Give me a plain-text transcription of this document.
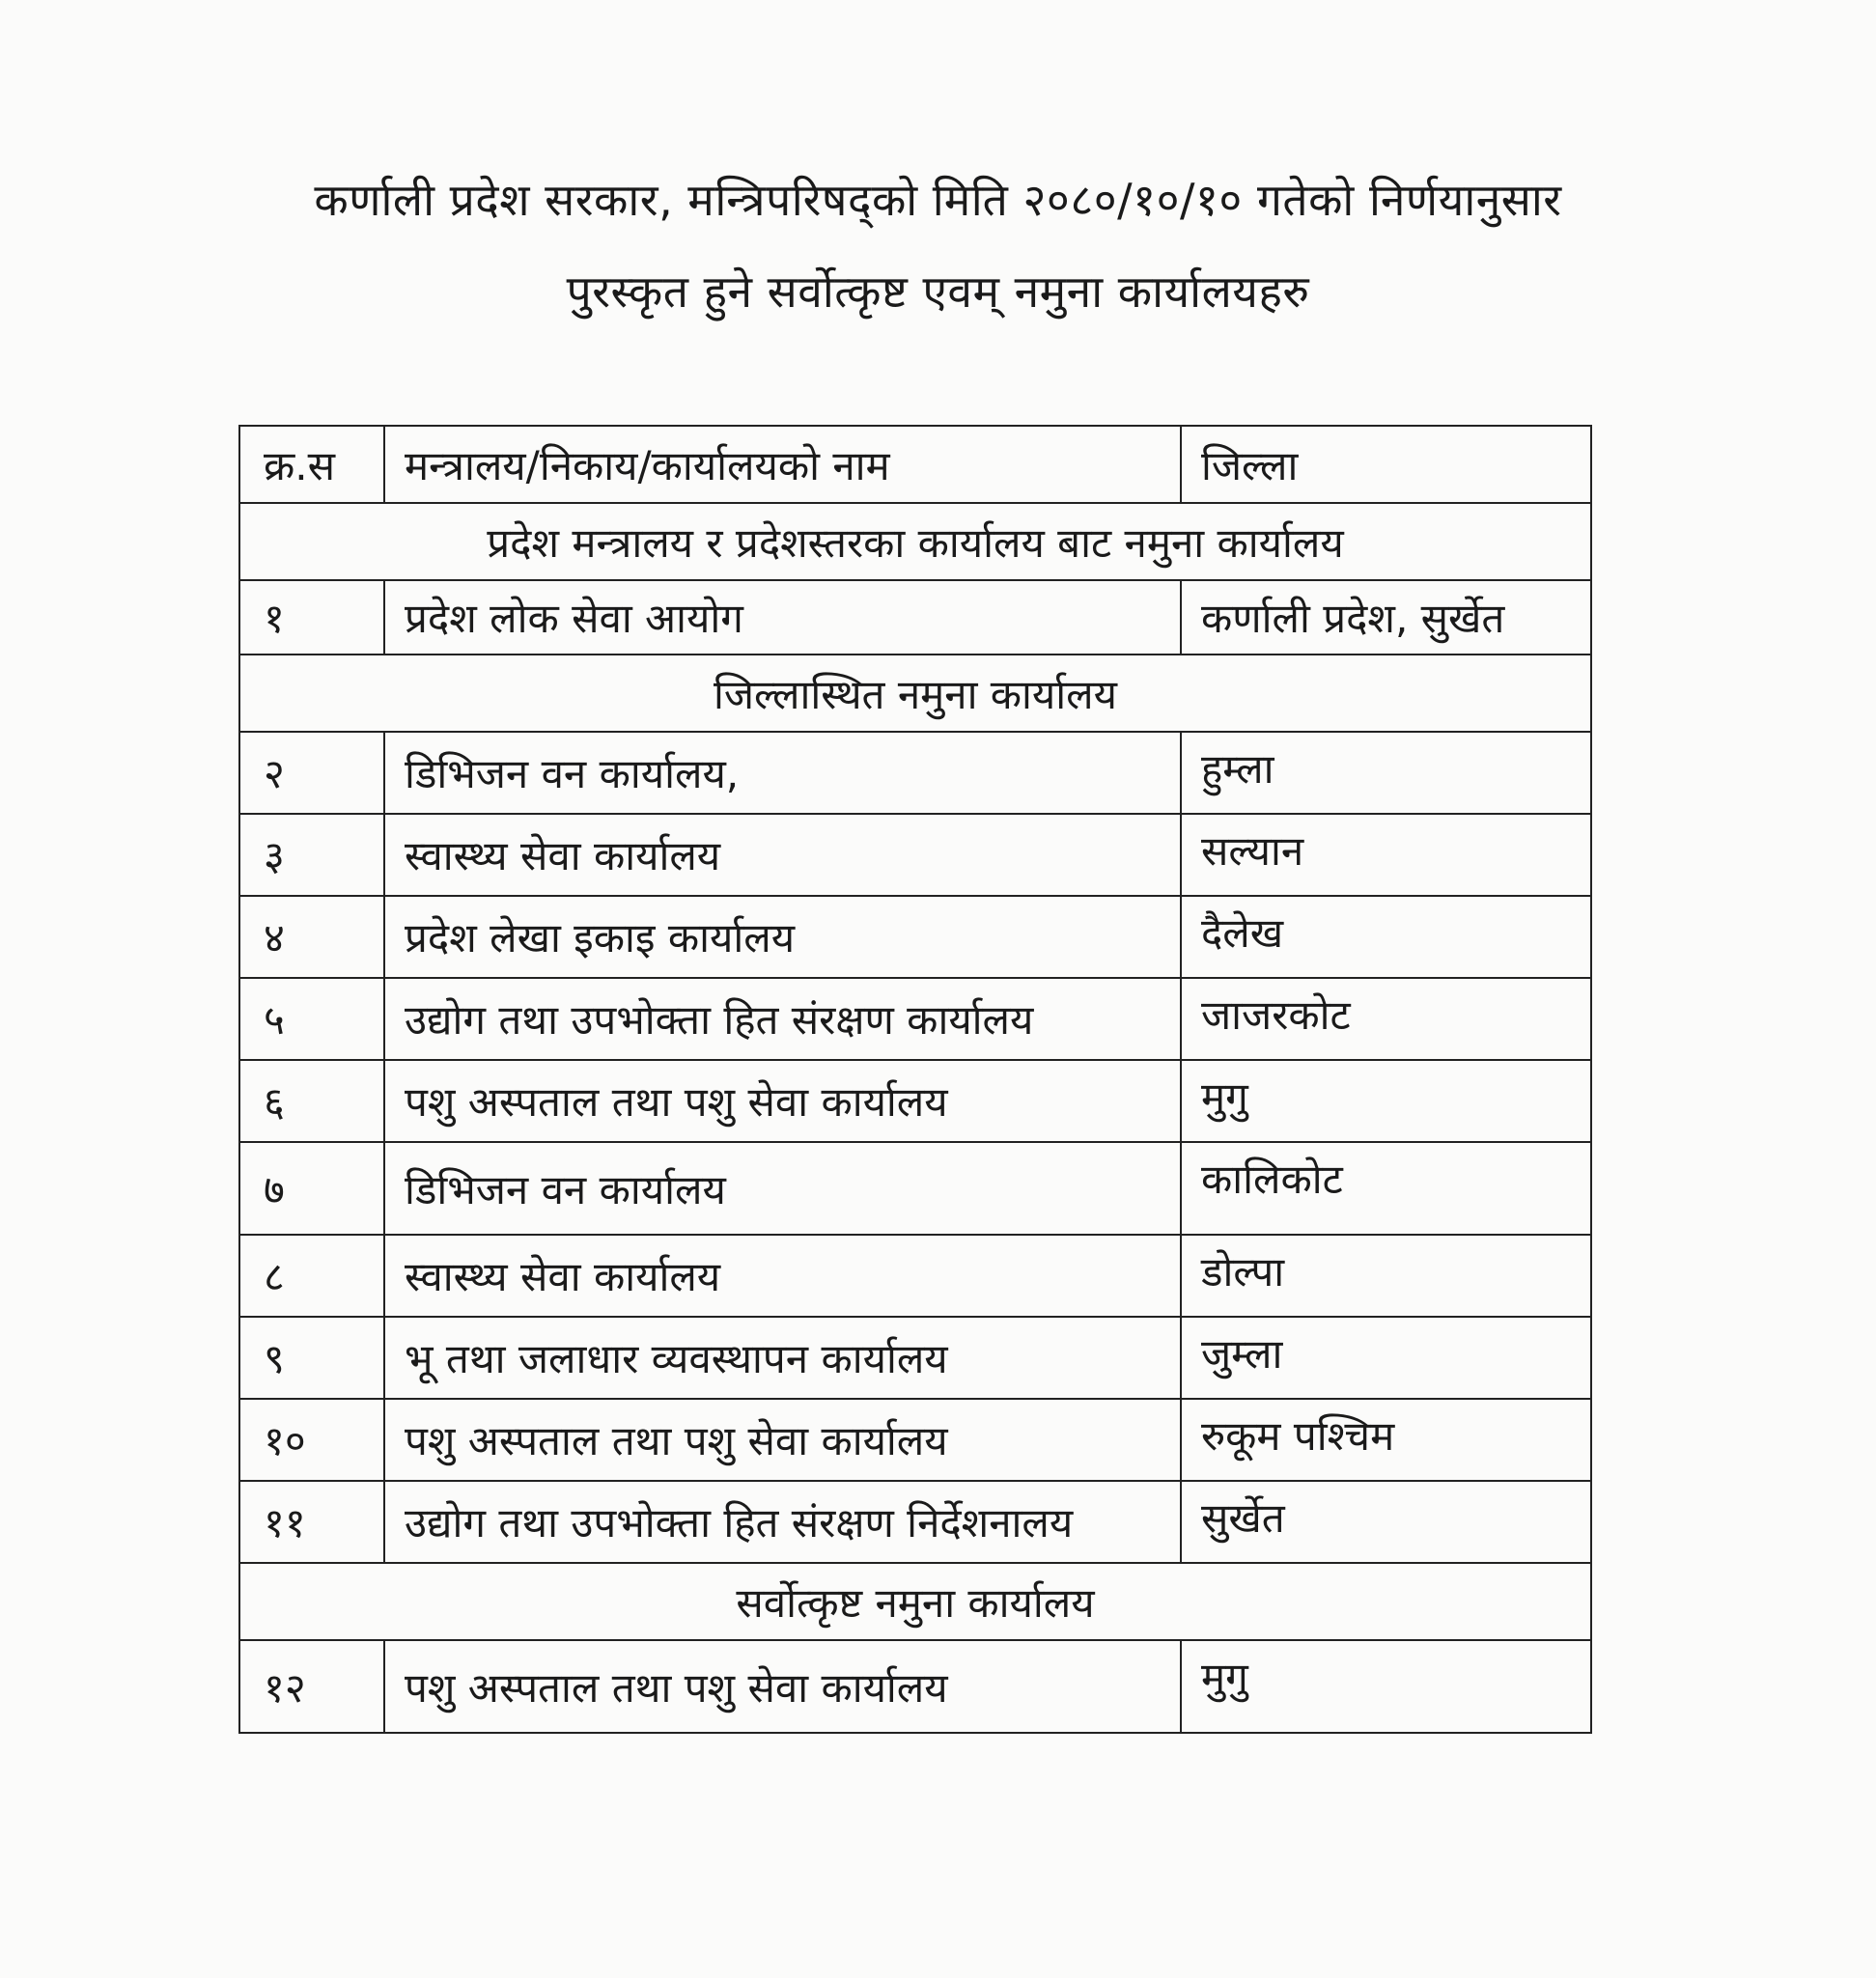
कर्णाली प्रदेश सरकार, मन्त्रिपरिषद्को मिति २०८०/१०/१० गतेको निर्णयानुसार
पुरस्कृत हुने सर्वोत्कृष्ट एवम् नमुना कार्यालयहरु
क्र.स	मन्त्रालय/निकाय/कार्यालयको नाम	जिल्ला
प्रदेश मन्त्रालय र प्रदेशस्तरका कार्यालय बाट नमुना कार्यालय		
१	प्रदेश लोक सेवा आयोग	कर्णाली प्रदेश, सुर्खेत
जिल्लास्थित नमुना कार्यालय		
२	डिभिजन वन कार्यालय,	हुम्ला
३	स्वास्थ्य सेवा कार्यालय	सल्यान
४	प्रदेश लेखा इकाइ कार्यालय	दैलेख
५	उद्योग तथा उपभोक्ता हित संरक्षण कार्यालय	जाजरकोट
६	पशु अस्पताल तथा पशु सेवा कार्यालय	मुगु
७	डिभिजन वन कार्यालय	कालिकोट
८	स्वास्थ्य सेवा कार्यालय	डोल्पा
९	भू तथा जलाधार व्यवस्थापन कार्यालय	जुम्ला
१०	पशु अस्पताल तथा पशु सेवा कार्यालय	रुकूम पश्चिम
११	उद्योग तथा उपभोक्ता हित संरक्षण निर्देशनालय	सुर्खेत
सर्वोत्कृष्ट नमुना कार्यालय		
१२	पशु अस्पताल तथा पशु सेवा कार्यालय	मुगु
